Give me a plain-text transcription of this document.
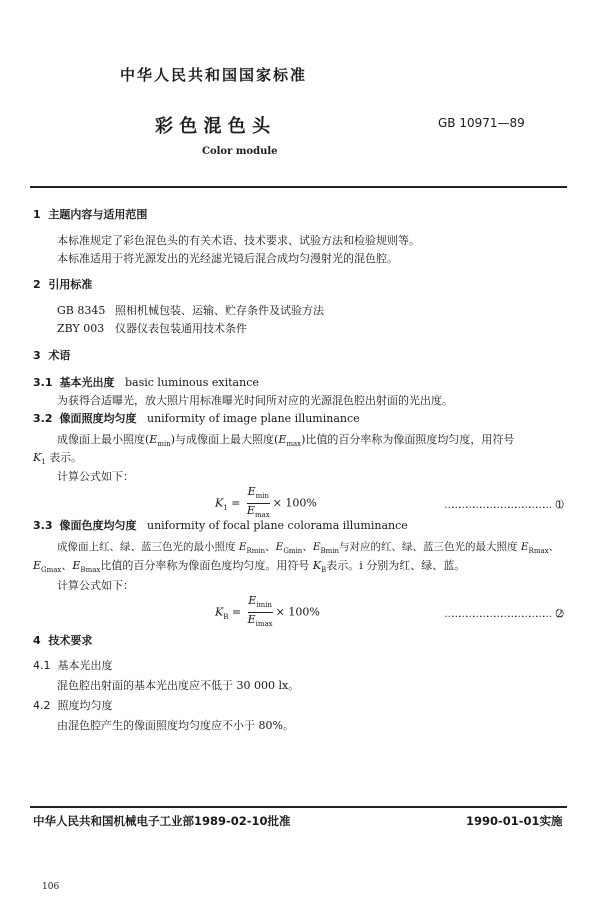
中华人民共和国国家标准
彩 色 混 色 头	GB 10971—89
Color module
1 主题内容与适用范围
本标准规定了彩色混色头的有关术语、技术要求、试验方法和检验规则等。
本标准适用于将光源发出的光经滤光镜后混合成均匀漫射光的混色腔。
2 引用标准
GB 8345 照相机械包装、运输、贮存条件及试验方法
ZBY 003 仪器仪表包装通用技术条件
3 术语
3.1 基本光出度 basic luminous exitance
为获得合适曝光，放大照片用标准曝光时间所对应的光源混色腔出射面的光出度。
3.2 像面照度均匀度 uniformity of image plane illuminance
成像面上最小照度$(E_{min})$与成像面上最大照度$(E_{max})$比值的百分率称为像面照度均匀度，用符号
$K_1$ 表示。
计算公式如下：
$K_1 = \frac{E_{min}}{E_{max}} \times 100\%$	………………………………………（ 1 ）
3.3 像面色度均匀度 uniformity of focal plane colorama illuminance
成像面上红、绿、蓝三色光的最小照度 $E_{Rmin}$、$E_{Gmin}$、$E_{Bmin}$与对应的红、绿、蓝三色光的最大照度 $E_{Rmax}$、
$E_{Gmax}$、$E_{Bmax}$比值的百分率称为像面色度均匀度。用符号 $K_B$表示。i 分别为红、绿、蓝。
计算公式如下：
$K_B = \frac{E_{imin}}{E_{imax}} \times 100\%$	………………………………………（ 2 ）
4 技术要求
4.1 基本光出度
混色腔出射面的基本光出度应不低于 30 000 lx。
4.2 照度均匀度
由混色腔产生的像面照度均匀度应不小于 80%。
中华人民共和国机械电子工业部1989-02-10批准	1990-01-01实施
106
